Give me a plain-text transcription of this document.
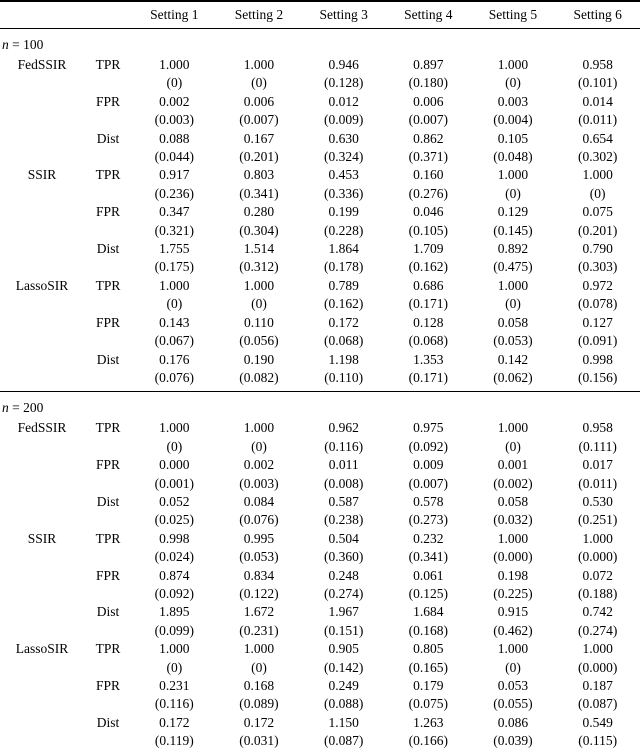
		Setting 1	Setting 2	Setting 3	Setting 4	Setting 5	Setting 6
n = 100							
FedSSIR	TPR	1.000	1.000	0.946	0.897	1.000	0.958
		(0)	(0)	(0.128)	(0.180)	(0)	(0.101)
	FPR	0.002	0.006	0.012	0.006	0.003	0.014
		(0.003)	(0.007)	(0.009)	(0.007)	(0.004)	(0.011)
	Dist	0.088	0.167	0.630	0.862	0.105	0.654
		(0.044)	(0.201)	(0.324)	(0.371)	(0.048)	(0.302)
SSIR	TPR	0.917	0.803	0.453	0.160	1.000	1.000
		(0.236)	(0.341)	(0.336)	(0.276)	(0)	(0)
	FPR	0.347	0.280	0.199	0.046	0.129	0.075
		(0.321)	(0.304)	(0.228)	(0.105)	(0.145)	(0.201)
	Dist	1.755	1.514	1.864	1.709	0.892	0.790
		(0.175)	(0.312)	(0.178)	(0.162)	(0.475)	(0.303)
LassoSIR	TPR	1.000	1.000	0.789	0.686	1.000	0.972
		(0)	(0)	(0.162)	(0.171)	(0)	(0.078)
	FPR	0.143	0.110	0.172	0.128	0.058	0.127
		(0.067)	(0.056)	(0.068)	(0.068)	(0.053)	(0.091)
	Dist	0.176	0.190	1.198	1.353	0.142	0.998
		(0.076)	(0.082)	(0.110)	(0.171)	(0.062)	(0.156)
n = 200							
FedSSIR	TPR	1.000	1.000	0.962	0.975	1.000	0.958
		(0)	(0)	(0.116)	(0.092)	(0)	(0.111)
	FPR	0.000	0.002	0.011	0.009	0.001	0.017
		(0.001)	(0.003)	(0.008)	(0.007)	(0.002)	(0.011)
	Dist	0.052	0.084	0.587	0.578	0.058	0.530
		(0.025)	(0.076)	(0.238)	(0.273)	(0.032)	(0.251)
SSIR	TPR	0.998	0.995	0.504	0.232	1.000	1.000
		(0.024)	(0.053)	(0.360)	(0.341)	(0.000)	(0.000)
	FPR	0.874	0.834	0.248	0.061	0.198	0.072
		(0.092)	(0.122)	(0.274)	(0.125)	(0.225)	(0.188)
	Dist	1.895	1.672	1.967	1.684	0.915	0.742
		(0.099)	(0.231)	(0.151)	(0.168)	(0.462)	(0.274)
LassoSIR	TPR	1.000	1.000	0.905	0.805	1.000	1.000
		(0)	(0)	(0.142)	(0.165)	(0)	(0.000)
	FPR	0.231	0.168	0.249	0.179	0.053	0.187
		(0.116)	(0.089)	(0.088)	(0.075)	(0.055)	(0.087)
	Dist	0.172	0.172	1.150	1.263	0.086	0.549
		(0.119)	(0.031)	(0.087)	(0.166)	(0.039)	(0.115)
